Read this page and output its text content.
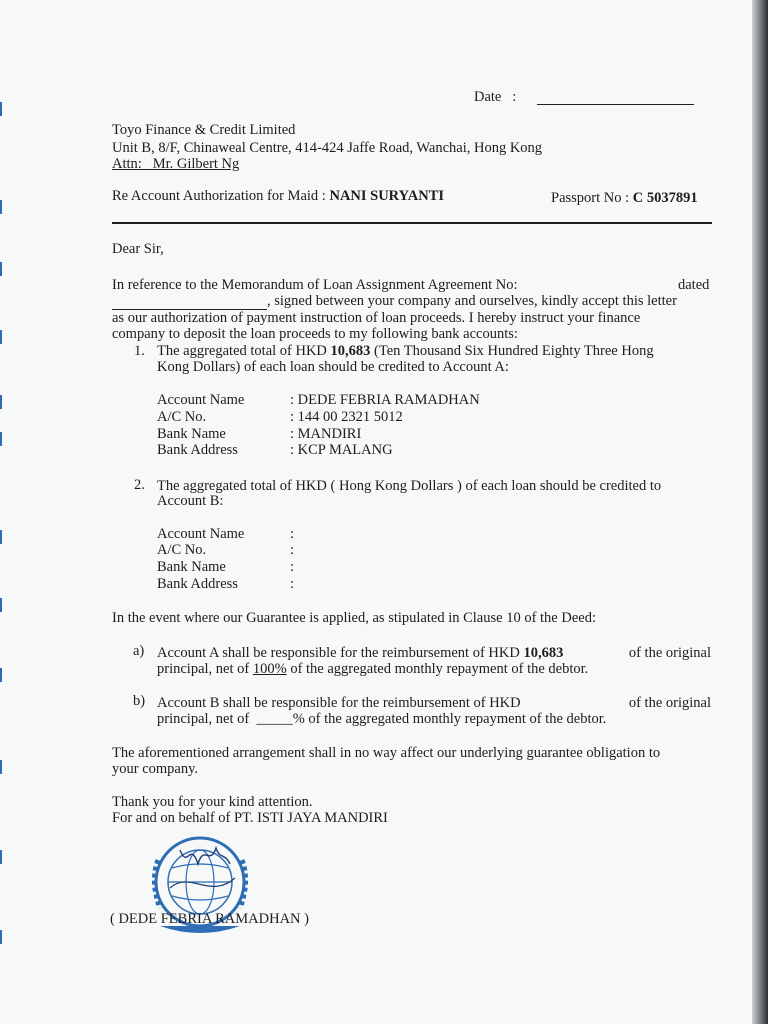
Date :
Toyo Finance & Credit Limited
Unit B, 8/F, Chinaweal Centre, 414-424 Jaffe Road, Wanchai, Hong Kong
Attn: Mr. Gilbert Ng
Re Account Authorization for Maid : NANI SURYANTI	Passport No : C 5037891
Dear Sir,
In reference to the Memorandum of Loan Assignment Agreement No:	dated
, signed between your company and ourselves, kindly accept this letter
as our authorization of payment instruction of loan proceeds. I hereby instruct your finance
company to deposit the loan proceeds to my following bank accounts:
1. The aggregated total of HKD 10,683 (Ten Thousand Six Hundred Eighty Three Hong
Kong Dollars) of each loan should be credited to Account A:
Account Name	: DEDE FEBRIA RAMADHAN
A/C No.	: 144 00 2321 5012
Bank Name	: MANDIRI
Bank Address	: KCP MALANG
2. The aggregated total of HKD ( Hong Kong Dollars ) of each loan should be credited to
Account B:
Account Name	:
A/C No.	:
Bank Name	:
Bank Address	:
In the event where our Guarantee is applied, as stipulated in Clause 10 of the Deed:
a) Account A shall be responsible for the reimbursement of HKD 10,683	of the original
principal, net of 100% of the aggregated monthly repayment of the debtor.
b) Account B shall be responsible for the reimbursement of HKD	of the original
principal, net of _____% of the aggregated monthly repayment of the debtor.
The aforementioned arrangement shall in no way affect our underlying guarantee obligation to
your company.
Thank you for your kind attention.
For and on behalf of PT. ISTI JAYA MANDIRI
( DEDE FEBRIA RAMADHAN )
